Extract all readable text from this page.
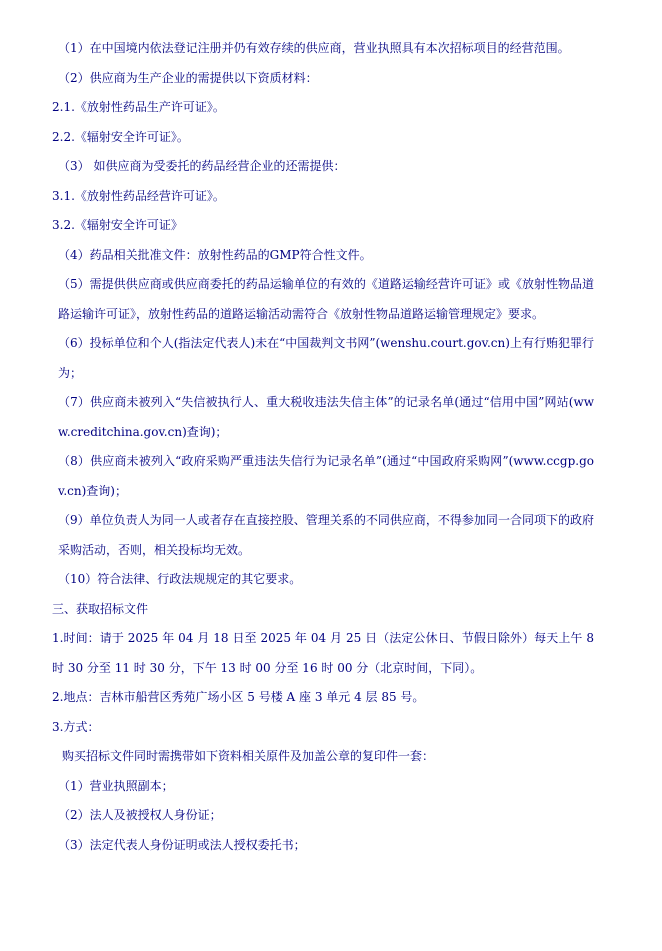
（1）在中国境内依法登记注册并仍有效存续的供应商，营业执照具有本次招标项目的经营范围。

（2）供应商为生产企业的需提供以下资质材料：

2.1.《放射性药品生产许可证》。

2.2.《辐射安全许可证》。

（3） 如供应商为受委托的药品经营企业的还需提供：

3.1.《放射性药品经营许可证》。

3.2.《辐射安全许可证》

（4）药品相关批准文件：放射性药品的GMP符合性文件。

（5）需提供供应商或供应商委托的药品运输单位的有效的《道路运输经营许可证》或《放射性物品道路运输许可证》，放射性药品的道路运输活动需符合《放射性物品道路运输管理规定》要求。

（6）投标单位和个人(指法定代表人)未在“中国裁判文书网”(wenshu.court.gov.cn)上有行贿犯罪行为；

（7）供应商未被列入“失信被执行人、重大税收违法失信主体”的记录名单(通过“信用中国”网站(www.creditchina.gov.cn)查询)；

（8）供应商未被列入“政府采购严重违法失信行为记录名单”(通过“中国政府采购网”(www.ccgp.gov.cn)查询)；

（9）单位负责人为同一人或者存在直接控股、管理关系的不同供应商，不得参加同一合同项下的政府采购活动，否则，相关投标均无效。

（10）符合法律、行政法规规定的其它要求。

三、获取招标文件

1.时间：请于 2025 年 04 月 18 日至 2025 年 04 月 25 日（法定公休日、节假日除外）每天上午 8 时 30 分至 11 时 30 分，下午 13 时 00 分至 16 时 00 分（北京时间，下同）。

2.地点：吉林市船营区秀苑广场小区 5 号楼 A 座 3 单元 4 层 85 号。

3.方式：

购买招标文件同时需携带如下资料相关原件及加盖公章的复印件一套：

（1）营业执照副本；

（2）法人及被授权人身份证；

（3）法定代表人身份证明或法人授权委托书；
